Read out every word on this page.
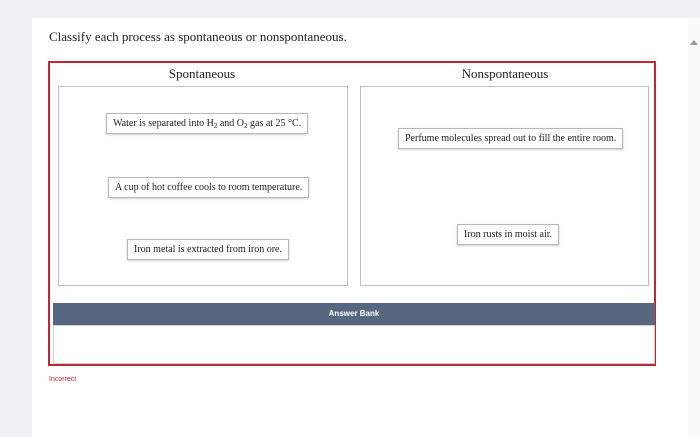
Classify each process as spontaneous or nonspontaneous.
Spontaneous	Nonspontaneous
Water is separated into $H_2$ and $O_2$ gas at 25 °C.
A cup of hot coffee cools to room temperature.
Iron metal is extracted from iron ore.
Perfume molecules spread out to fill the entire room.
Iron rusts in moist air.
Answer Bank
Incorrect
